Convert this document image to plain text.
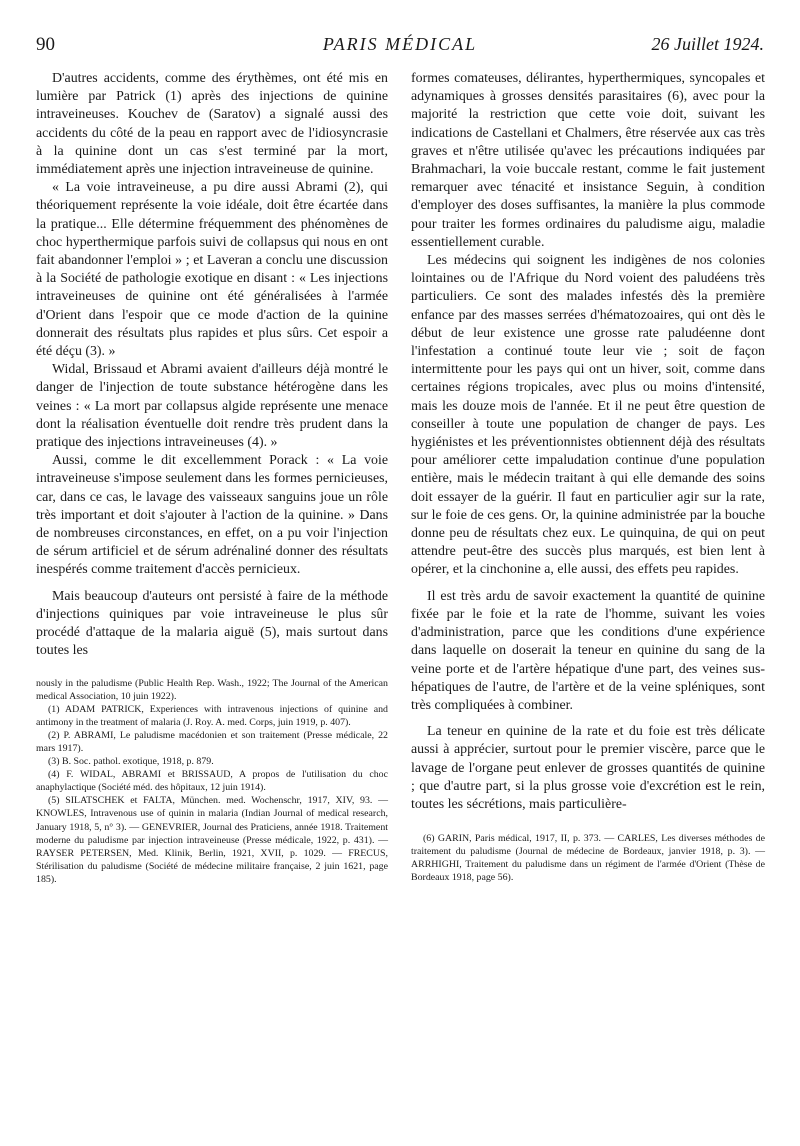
90	PARIS MÉDICAL	26 Juillet 1924.

D'autres accidents, comme des érythèmes, ont été mis en lumière par Patrick (1) après des injections de quinine intraveineuses. Kouchev de (Saratov) a signalé aussi des accidents du côté de la peau en rapport avec de l'idiosyncrasie à la quinine dont un cas s'est terminé par la mort, immédiatement après une injection intraveineuse de quinine.

« La voie intraveineuse, a pu dire aussi Abrami (2), qui théoriquement représente la voie idéale, doit être écartée dans la pratique... Elle détermine fréquemment des phénomènes de choc hyperthermique parfois suivi de collapsus qui nous en ont fait abandonner l'emploi » ; et Laveran a conclu une discussion à la Société de pathologie exotique en disant : « Les injections intraveineuses de quinine ont été généralisées à l'armée d'Orient dans l'espoir que ce mode d'action de la quinine donnerait des résultats plus rapides et plus sûrs. Cet espoir a été déçu (3). »

Widal, Brissaud et Abrami avaient d'ailleurs déjà montré le danger de l'injection de toute substance hétérogène dans les veines : « La mort par collapsus algide représente une menace dont la réalisation éventuelle doit rendre très prudent dans la pratique des injections intraveineuses (4). »

Aussi, comme le dit excellemment Porack : « La voie intraveineuse s'impose seulement dans les formes pernicieuses, car, dans ce cas, le lavage des vaisseaux sanguins joue un rôle très important et doit s'ajouter à l'action de la quinine. » Dans de nombreuses circonstances, en effet, on a pu voir l'injection de sérum artificiel et de sérum adrénaliné donner des résultats inespérés comme traitement d'accès pernicieux.

Mais beaucoup d'auteurs ont persisté à faire de la méthode d'injections quiniques par voie intraveineuse le plus sûr procédé d'attaque de la malaria aiguë (5), mais surtout dans toutes les

nously in the paludisme (Public Health Rep. Wash., 1922; The Journal of the American medical Association, 10 juin 1922).

(1) ADAM PATRICK, Experiences with intravenous injections of quinine and antimony in the treatment of malaria (J. Roy. A. med. Corps, juin 1919, p. 407).

(2) P. ABRAMI, Le paludisme macédonien et son traitement (Presse médicale, 22 mars 1917).

(3) B. Soc. pathol. exotique, 1918, p. 879.

(4) F. WIDAL, ABRAMI et BRISSAUD, A propos de l'utilisation du choc anaphylactique (Société méd. des hôpitaux, 12 juin 1914).

(5) SILATSCHEK et FALTA, München. med. Wochenschr, 1917, XIV, 93. — KNOWLES, Intravenous use of quinin in malaria (Indian Journal of medical research, January 1918, 5, n° 3). — GENEVRIER, Journal des Praticiens, année 1918. Traitement moderne du paludisme par injection intraveineuse (Presse médicale, 1922, p. 431). — RAYSER PETERSEN, Med. Klinik, Berlin, 1921, XVII, p. 1029. — FRECUS, Stérilisation du paludisme (Société de médecine militaire française, 2 juin 1621, page 185).

formes comateuses, délirantes, hyperthermiques, syncopales et adynamiques à grosses densités parasitaires (6), avec pour la majorité la restriction que cette voie doit, suivant les indications de Castellani et Chalmers, être réservée aux cas très graves et n'être utilisée qu'avec les précautions indiquées par Brahmachari, la voie buccale restant, comme le fait justement remarquer avec ténacité et insistance Seguin, à condition d'employer des doses suffisantes, la manière la plus commode pour traiter les formes ordinaires du paludisme aigu, maladie essentiellement curable.

Les médecins qui soignent les indigènes de nos colonies lointaines ou de l'Afrique du Nord voient des paludéens très particuliers. Ce sont des malades infestés dès la première enfance par des masses serrées d'hématozoaires, qui ont dès le début de leur existence une grosse rate paludéenne dont l'infestation a continué toute leur vie ; soit de façon intermittente pour les pays qui ont un hiver, soit, comme dans certaines régions tropicales, avec plus ou moins d'intensité, mais les douze mois de l'année. Et il ne peut être question de conseiller à toute une population de changer de pays. Les hygiénistes et les préventionnistes obtiennent déjà des résultats pour améliorer cette impaludation continue d'une population entière, mais le médecin traitant à qui elle demande des soins doit essayer de la guérir. Il faut en particulier agir sur la rate, sur le foie de ces gens. Or, la quinine administrée par la bouche donne peu de résultats chez eux. Le quinquina, de qui on peut attendre peut-être des succès plus marqués, est bien lent à opérer, et la cinchonine a, elle aussi, des effets peu rapides.

Il est très ardu de savoir exactement la quantité de quinine fixée par le foie et la rate de l'homme, suivant les voies d'administration, parce que les conditions d'une expérience dans laquelle on doserait la teneur en quinine du sang de la veine porte et de l'artère hépatique d'une part, des veines sus-hépatiques de l'autre, de l'artère et de la veine spléniques, sont très compliquées à combiner.

La teneur en quinine de la rate et du foie est très délicate aussi à apprécier, surtout pour le premier viscère, parce que le lavage de l'organe peut enlever de grosses quantités de quinine ; que d'autre part, si la plus grosse voie d'excrétion est le rein, toutes les sécrétions, mais particulière-

(6) GARIN, Paris médical, 1917, II, p. 373. — CARLES, Les diverses méthodes de traitement du paludisme (Journal de médecine de Bordeaux, janvier 1918, p. 3). — ARRHIGHI, Traitement du paludisme dans un régiment de l'armée d'Orient (Thèse de Bordeaux 1918, page 56).
